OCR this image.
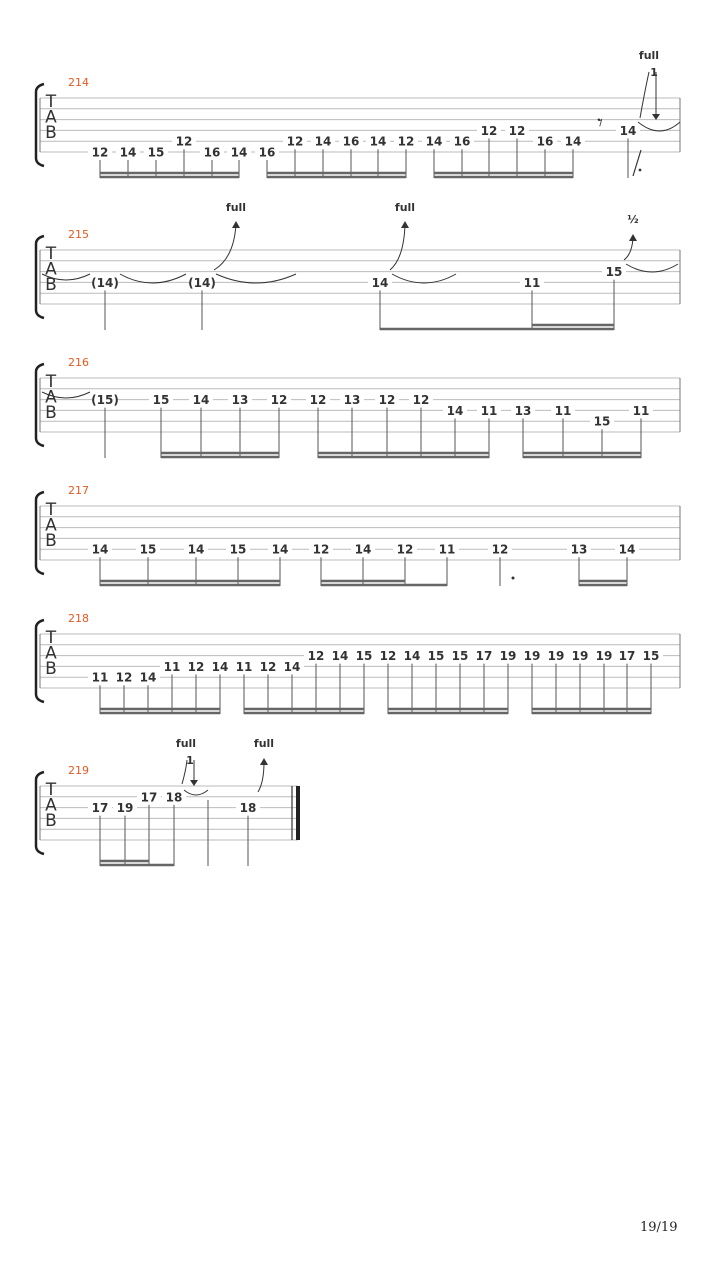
T
A
B
214
12 14 15
12
16 14 16
12 14 16 14 12 14 16
12 12
16 14
14
T
A
B
215
(14)	(14)	14	11
15
T
A
B
216
(15)	15 14 13 12 12 13 12 12
14 11 13 11
15
11
T
A
B
217
14	15	14 15 14 12 14 12 11	12	13	14
T
A
B
218
11 12 14
11 12 14 11 12 14
12 14 15 12 14 15 15 17 19 19 19 19 19 17 15
T
A
B
219
17 19
17 18
18
𝄾
full
1
full	full
½
full
1
full
19/19
